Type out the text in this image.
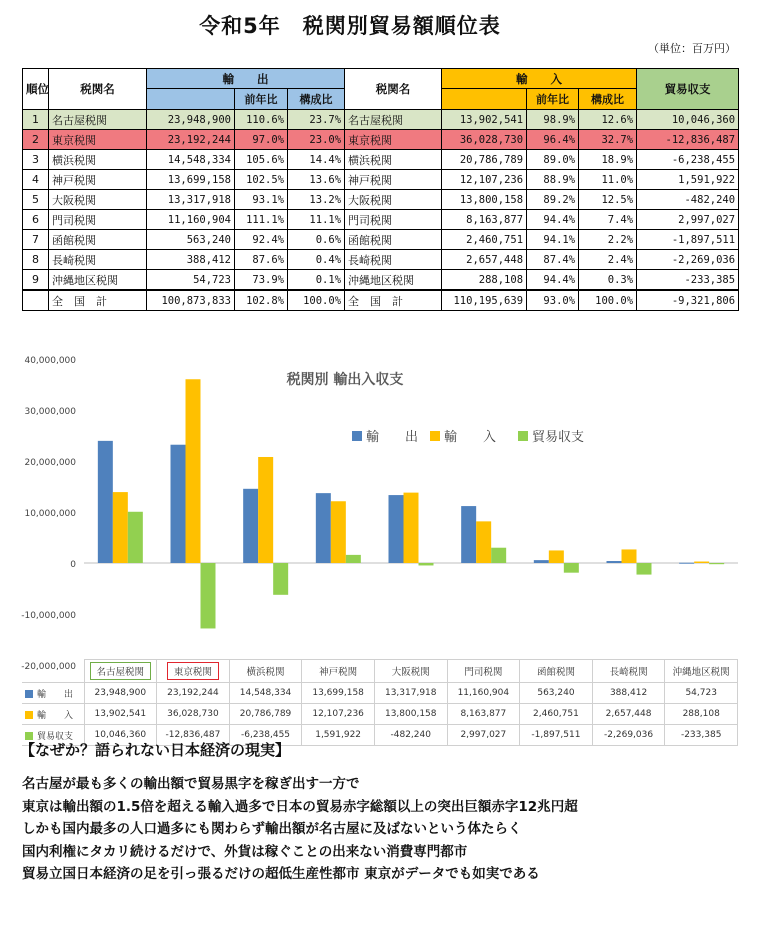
令和5年　税関別貿易額順位表
（単位：百万円）
順位	税関名	輸　　出			税関名	輸　　入			貿易収支
			前年比	構成比			前年比	構成比	
1	名古屋税関	23,948,900	110.6%	23.7%	名古屋税関	13,902,541	98.9%	12.6%	10,046,360
2	東京税関	23,192,244	97.0%	23.0%	東京税関	36,028,730	96.4%	32.7%	-12,836,487
3	横浜税関	14,548,334	105.6%	14.4%	横浜税関	20,786,789	89.0%	18.9%	-6,238,455
4	神戸税関	13,699,158	102.5%	13.6%	神戸税関	12,107,236	88.9%	11.0%	1,591,922
5	大阪税関	13,317,918	93.1%	13.2%	大阪税関	13,800,158	89.2%	12.5%	-482,240
6	門司税関	11,160,904	111.1%	11.1%	門司税関	8,163,877	94.4%	7.4%	2,997,027
7	函館税関	563,240	92.4%	0.6%	函館税関	2,460,751	94.1%	2.2%	-1,897,511
8	長崎税関	388,412	87.6%	0.4%	長崎税関	2,657,448	87.4%	2.4%	-2,269,036
9	沖縄地区税関	54,723	73.9%	0.1%	沖縄地区税関	288,108	94.4%	0.3%	-233,385
	全　国　計	100,873,833	102.8%	100.0%	全　国　計	110,195,639	93.0%	100.0%	-9,321,806
40,000,000
30,000,000
20,000,000
10,000,000
0
-10,000,000
-20,000,000
税関別 輸出入収支
輸　　出 輸　　入	貿易収支
	名古屋税関	東京税関	横浜税関	神戸税関	大阪税関	門司税関	函館税関	長崎税関	沖縄地区税関
輸　　出	23,948,900	23,192,244	14,548,334	13,699,158	13,317,918	11,160,904	563,240	388,412	54,723
輸　　入	13,902,541	36,028,730	20,786,789	12,107,236	13,800,158	8,163,877	2,460,751	2,657,448	288,108
貿易収支	10,046,360	-12,836,487	-6,238,455	1,591,922	-482,240	2,997,027	-1,897,511	-2,269,036	-233,385
【なぜか？語られない日本経済の現実】
名古屋が最も多くの輸出額で貿易黒字を稼ぎ出す一方で
東京は輸出額の1.5倍を超える輸入過多で日本の貿易赤字総額以上の突出巨額赤字12兆円超
しかも国内最多の人口過多にも関わらず輸出額が名古屋に及ばないという体たらく
国内利権にタカリ続けるだけで、外貨は稼ぐことの出来ない消費専門都市
貿易立国日本経済の足を引っ張るだけの超低生産性都市 東京がデータでも如実である
